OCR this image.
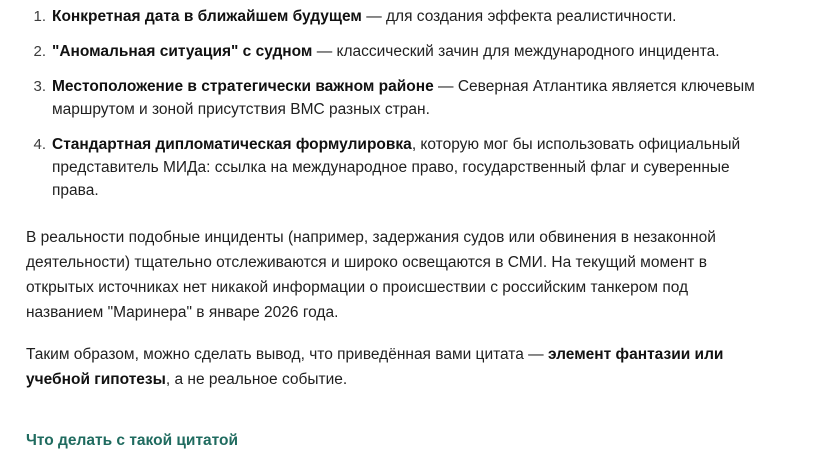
1. Конкретная дата в ближайшем будущем — для создания эффекта реалистичности.
2. "Аномальная ситуация" с судном — классический зачин для международного инцидента.
3. Местоположение в стратегически важном районе — Северная Атлантика является ключевым маршрутом и зоной присутствия ВМС разных стран.
4. Стандартная дипломатическая формулировка, которую мог бы использовать официальный представитель МИДа: ссылка на международное право, государственный флаг и суверенные права.

В реальности подобные инциденты (например, задержания судов или обвинения в незаконной деятельности) тщательно отслеживаются и широко освещаются в СМИ. На текущий момент в открытых источниках нет никакой информации о происшествии с российским танкером под названием "Маринера" в январе 2026 года.

Таким образом, можно сделать вывод, что приведённая вами цитата — элемент фантазии или учебной гипотезы, а не реальное событие.

Что делать с такой цитатой
